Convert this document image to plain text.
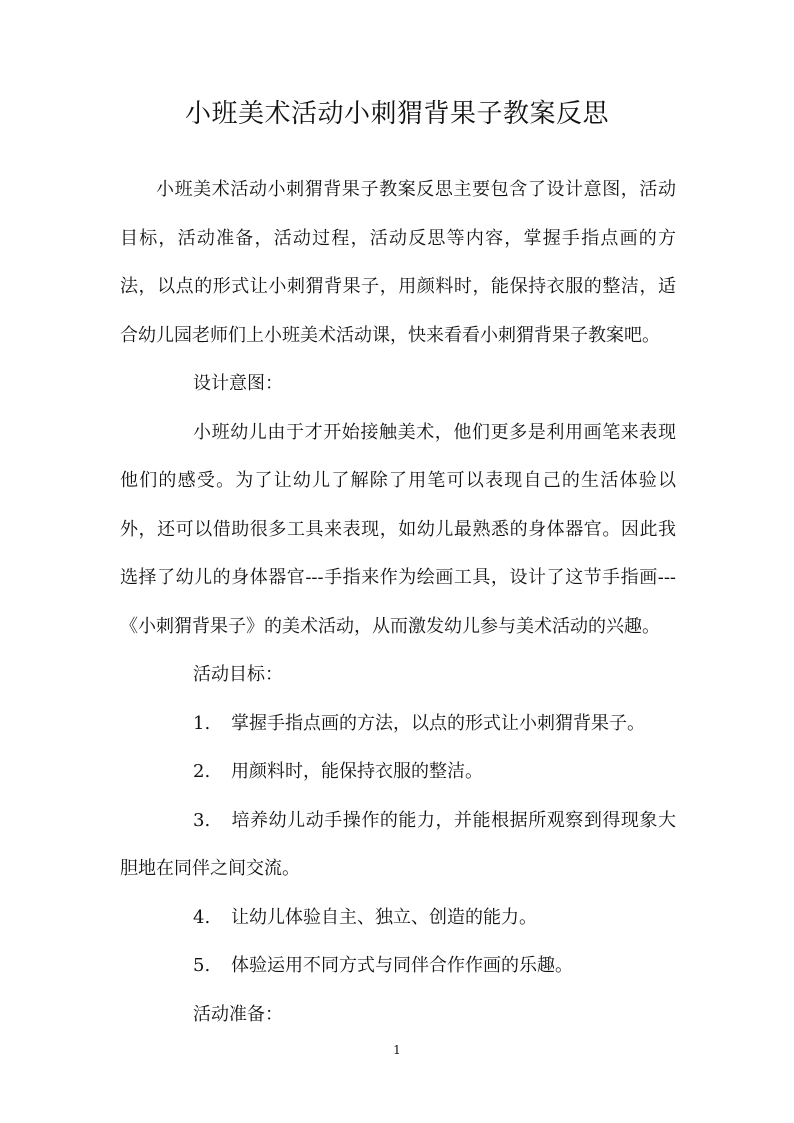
小班美术活动小刺猬背果子教案反思

小班美术活动小刺猬背果子教案反思主要包含了设计意图，活动目标，活动准备，活动过程，活动反思等内容，掌握手指点画的方法，以点的形式让小刺猬背果子，用颜料时，能保持衣服的整洁，适合幼儿园老师们上小班美术活动课，快来看看小刺猬背果子教案吧。

设计意图：

小班幼儿由于才开始接触美术，他们更多是利用画笔来表现他们的感受。为了让幼儿了解除了用笔可以表现自己的生活体验以外，还可以借助很多工具来表现，如幼儿最熟悉的身体器官。因此我选择了幼儿的身体器官---手指来作为绘画工具，设计了这节手指画---《小刺猬背果子》的美术活动，从而激发幼儿参与美术活动的兴趣。

活动目标：

1. 掌握手指点画的方法，以点的形式让小刺猬背果子。

2. 用颜料时，能保持衣服的整洁。

3. 培养幼儿动手操作的能力，并能根据所观察到得现象大胆地在同伴之间交流。

4. 让幼儿体验自主、独立、创造的能力。

5. 体验运用不同方式与同伴合作作画的乐趣。

活动准备：

1
